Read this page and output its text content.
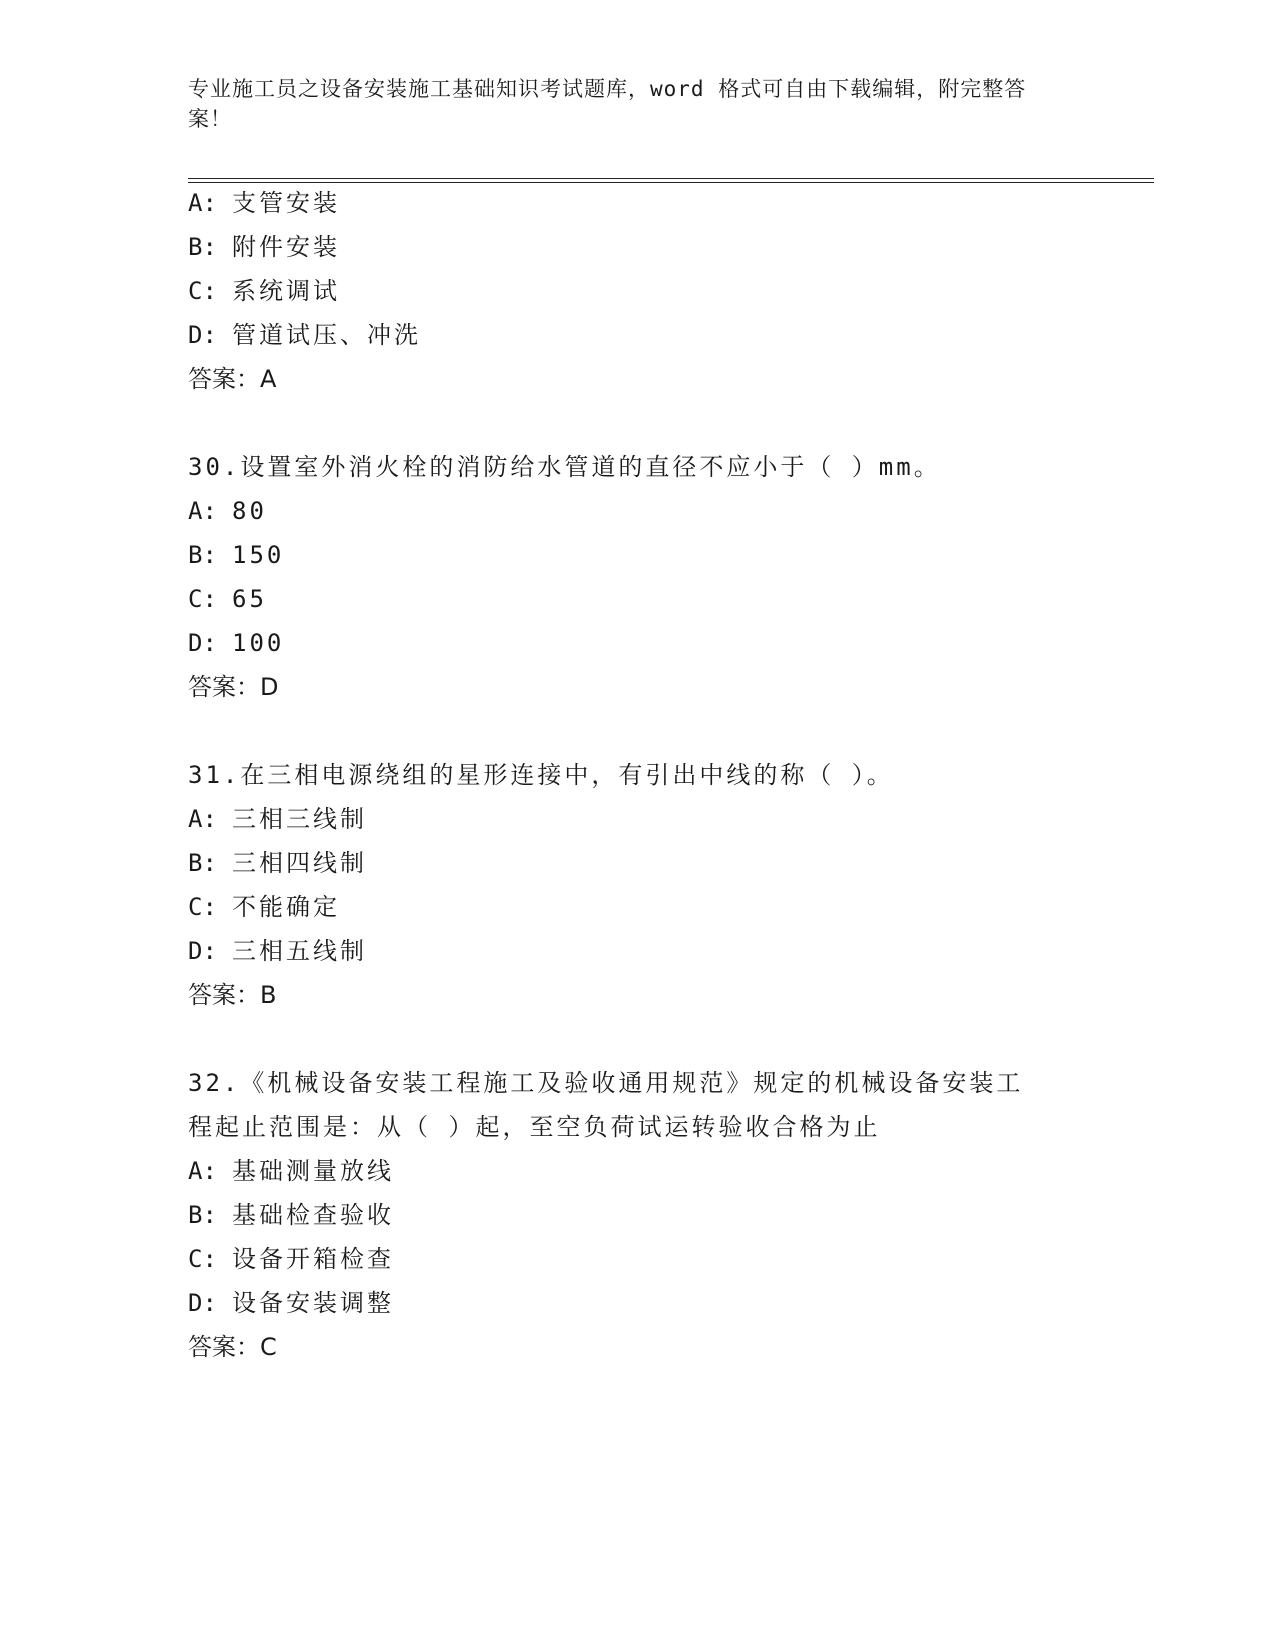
专业施工员之设备安装施工基础知识考试题库，word 格式可自由下载编辑，附完整答案！
A: 支管安装
B: 附件安装
C: 系统调试
D: 管道试压、冲洗
答案：A
30.设置室外消火栓的消防给水管道的直径不应小于（ ）mm。
A: 80
B: 150
C: 65
D: 100
答案：D
31.在三相电源绕组的星形连接中，有引出中线的称（ ）。
A: 三相三线制
B: 三相四线制
C: 不能确定
D: 三相五线制
答案：B
32.《机械设备安装工程施工及验收通用规范》规定的机械设备安装工
程起止范围是：从（ ）起，至空负荷试运转验收合格为止
A: 基础测量放线
B: 基础检查验收
C: 设备开箱检查
D: 设备安装调整
答案：C
